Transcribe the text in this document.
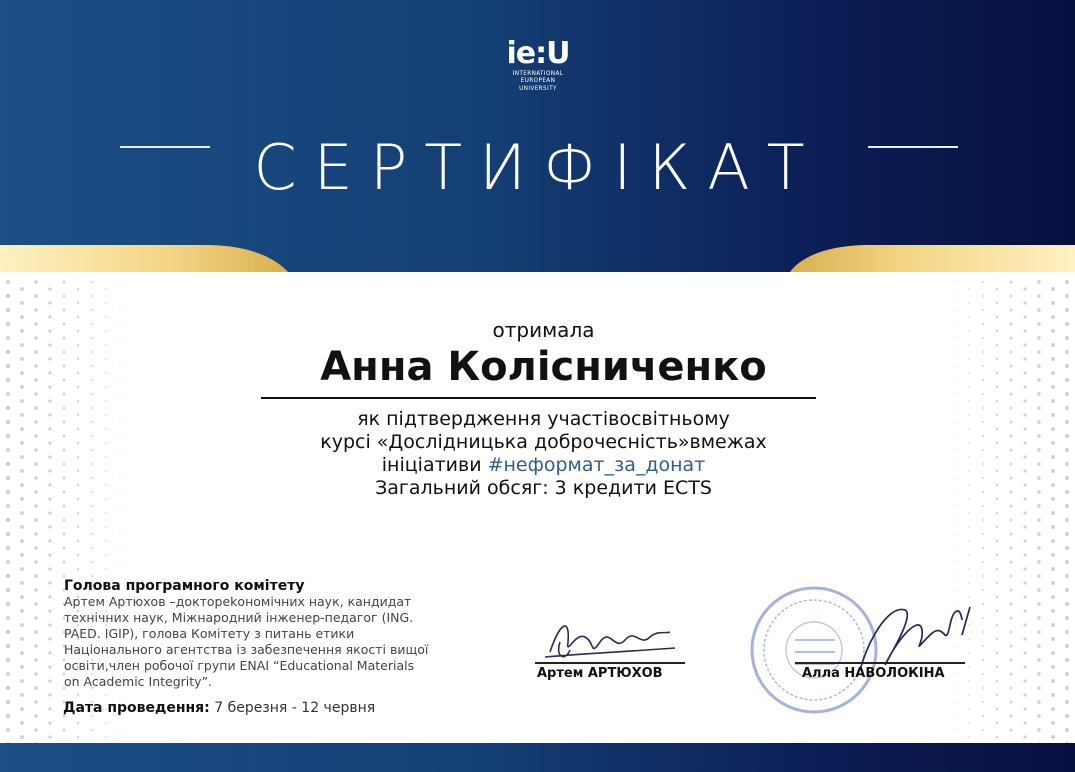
ie:U
INTERNATIONAL
EUROPEAN
UNIVERSITY
СЕРТИФІКАТ
отримала
Анна Колісниченко
як підтвердження участівосвітньому
курсі «Дослідницька доброчесність»вмежах
ініціативи #неформат_за_донат
Загальний обсяг: 3 кредити ECTS
Голова програмного комітету
Артем Артюхов –доктореkономічних наук, кандидат
технічних наук, Міжнародний інженер-педагог (ING.
PAED. IGIP), голова Комітету з питань етики
Національного агентства із забезпечення якості вищої
освіти,член робочої групи ENAI “Educational Materials
on Academic Integrity”.
Дата проведення: 7 березня - 12 червня
Артем АРТЮХОВ	Алла НАВОЛОКІНА
